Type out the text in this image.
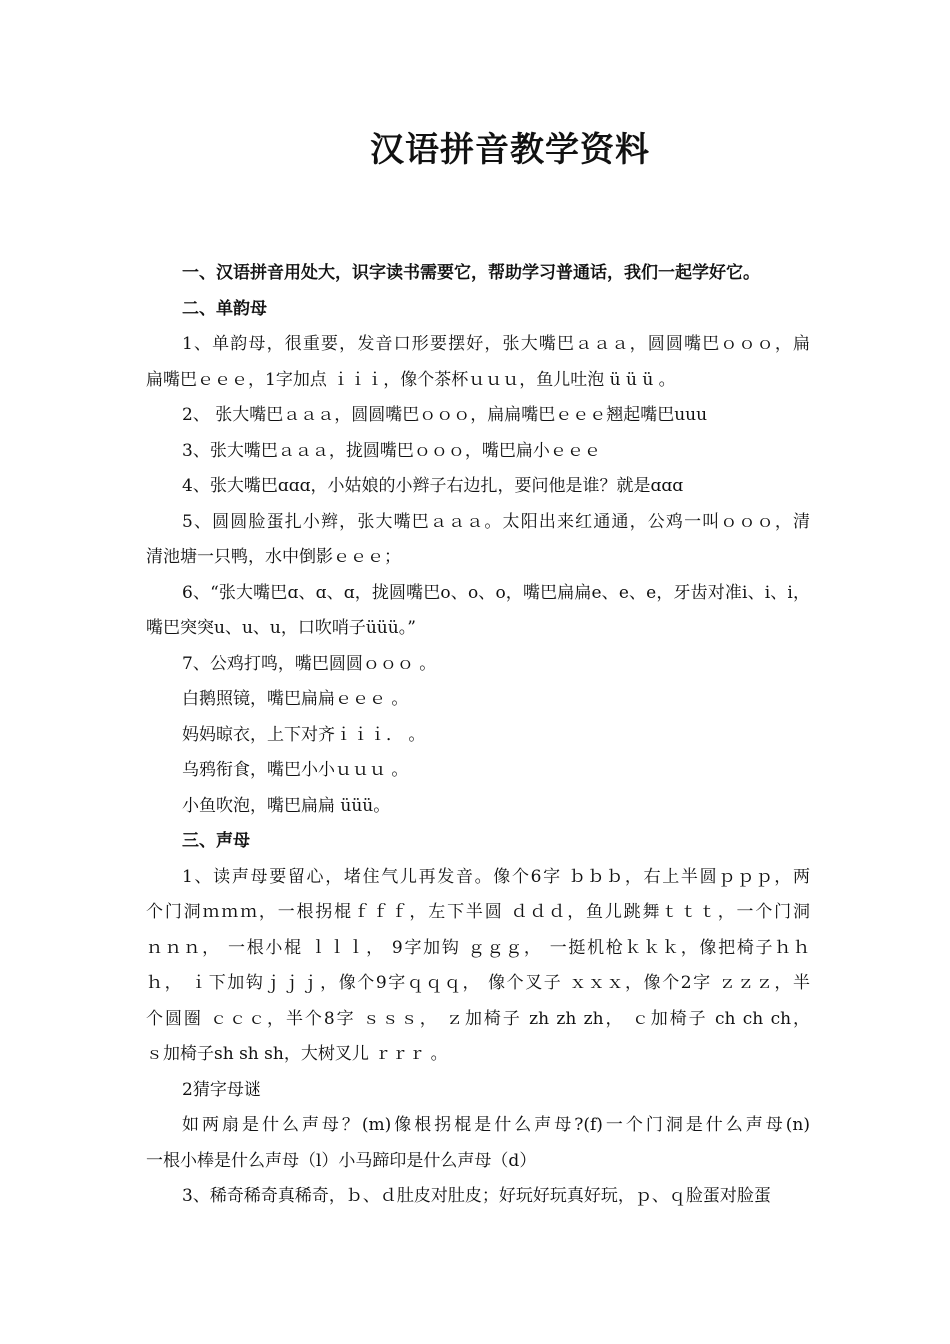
汉语拼音教学资料
一、汉语拼音用处大，识字读书需要它，帮助学习普通话，我们一起学好它。
二、单韵母
1、单韵母，很重要，发音口形要摆好，张大嘴巴ａａａ，圆圆嘴巴ｏｏｏ，扁
扁嘴巴ｅｅｅ，1字加点 ｉｉｉ，像个茶杯ｕｕｕ，鱼儿吐泡 ü ü ü 。
2、 张大嘴巴ａａａ，圆圆嘴巴ｏｏｏ，扁扁嘴巴ｅｅｅ翘起嘴巴uuu
3、张大嘴巴ａａａ，拢圆嘴巴ｏｏｏ，嘴巴扁小ｅｅｅ
4、张大嘴巴ɑɑɑ，小姑娘的小辫子右边扎，要问他是谁？就是ɑɑɑ
5、圆圆脸蛋扎小辫，张大嘴巴ａａａ。太阳出来红通通，公鸡一叫ｏｏｏ，清
清池塘一只鸭，水中倒影ｅｅｅ；
6、“张大嘴巴ɑ、ɑ、ɑ，拢圆嘴巴ο、ο、ο，嘴巴扁扁е、е、е，牙齿对准ⅰ、ⅰ、ⅰ，
嘴巴突突ս、ս、ս，口吹哨子üüü。”
7、公鸡打鸣，嘴巴圆圆ｏｏｏ 。
白鹅照镜，嘴巴扁扁ｅｅｅ 。
妈妈晾衣，上下对齐ｉｉｉ． 。
乌鸦衔食，嘴巴小小ｕｕｕ 。
小鱼吹泡，嘴巴扁扁 üüü。
三、声母
1、读声母要留心，堵住气儿再发音。像个6字 ｂｂｂ，右上半圆ｐｐｐ，两
个门洞ｍｍｍ，一根拐棍ｆｆｆ，左下半圆 ｄｄｄ，鱼儿跳舞ｔｔｔ，一个门洞
ｎｎｎ， 一根小棍 ｌｌｌ， 9字加钩 ｇｇｇ， 一挺机枪ｋｋｋ，像把椅子ｈｈ
ｈ， ｉ下加钩ｊｊｊ，像个9字ｑｑｑ， 像个叉子 ｘｘｘ，像个2字 ｚｚｚ，半
个圆圈 ｃｃｃ，半个8字 ｓｓｓ， ｚ加椅子 zh zh zh， ｃ加椅子 ch ch ch，
ｓ加椅子sh sh sh，大树叉儿 ｒｒｒ 。
2猜字母谜
如两扇是什么声母？(m)像根拐棍是什么声母?(f)一个门洞是什么声母(n)
一根小棒是什么声母（l）小马蹄印是什么声母（d）
3、稀奇稀奇真稀奇，ｂ、ｄ肚皮对肚皮；好玩好玩真好玩，ｐ、ｑ脸蛋对脸蛋
